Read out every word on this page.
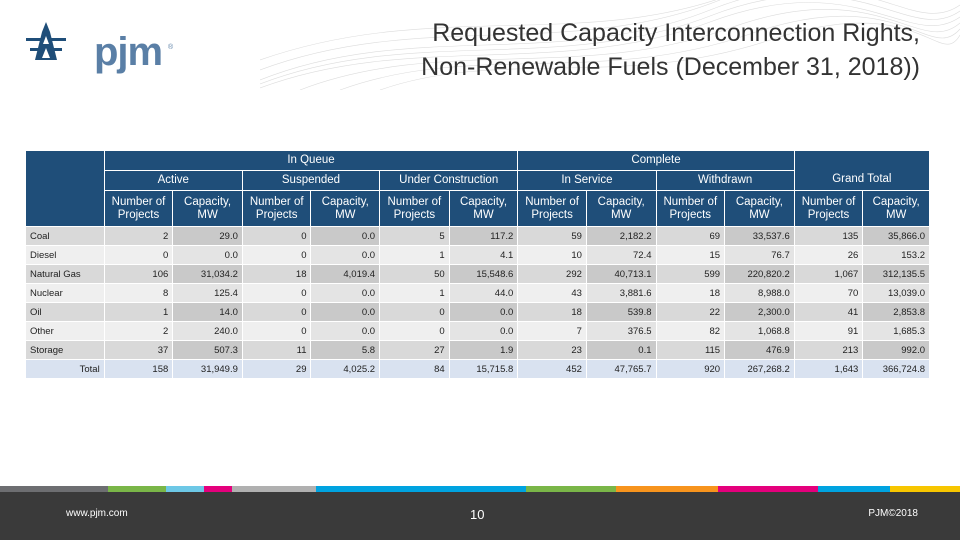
pjm ®
Requested Capacity Interconnection Rights,
Non-Renewable Fuels (December 31, 2018))
	In Queue						Complete				Grand Total	
	Active		Suspended		Under Construction		In Service		Withdrawn			
	Number of Projects	Capacity, MW	Number of Projects	Capacity, MW	Number of Projects	Capacity, MW	Number of Projects	Capacity, MW	Number of Projects	Capacity, MW	Number of Projects	Capacity, MW
Coal	2	29.0	0	0.0	5	117.2	59	2,182.2	69	33,537.6	135	35,866.0
Diesel	0	0.0	0	0.0	1	4.1	10	72.4	15	76.7	26	153.2
Natural Gas	106	31,034.2	18	4,019.4	50	15,548.6	292	40,713.1	599	220,820.2	1,067	312,135.5
Nuclear	8	125.4	0	0.0	1	44.0	43	3,881.6	18	8,988.0	70	13,039.0
Oil	1	14.0	0	0.0	0	0.0	18	539.8	22	2,300.0	41	2,853.8
Other	2	240.0	0	0.0	0	0.0	7	376.5	82	1,068.8	91	1,685.3
Storage	37	507.3	11	5.8	27	1.9	23	0.1	115	476.9	213	992.0
Total	158	31,949.9	29	4,025.2	84	15,715.8	452	47,765.7	920	267,268.2	1,643	366,724.8
www.pjm.com	10	PJM©2018
